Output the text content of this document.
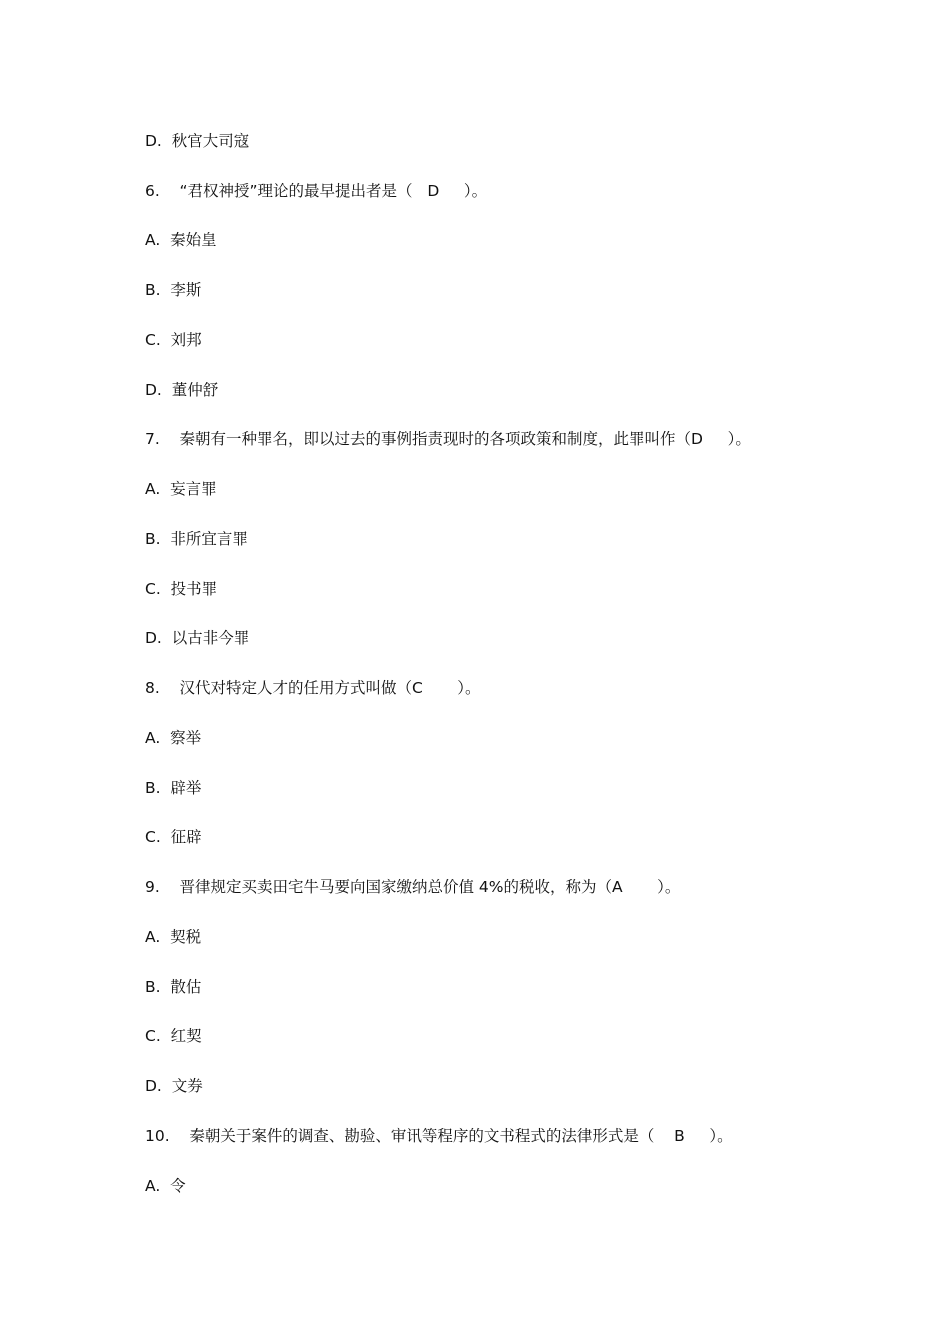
D.  秋官大司寇
6.    “君权神授”理论的最早提出者是（   D     ）。
A.  秦始皇
B.  李斯
C.  刘邦
D.  董仲舒
7.    秦朝有一种罪名，即以过去的事例指责现时的各项政策和制度，此罪叫作（D     ）。
A.  妄言罪
B.  非所宜言罪
C.  投书罪
D.  以古非今罪
8.    汉代对特定人才的任用方式叫做（C       ）。
A.  察举
B.  辟举
C.  征辟
9.    晋律规定买卖田宅牛马要向国家缴纳总价值 4%的税收，称为（A       ）。
A.  契税
B.  散估
C.  红契
D.  文券
10.    秦朝关于案件的调查、勘验、审讯等程序的文书程式的法律形式是（    B     ）。
A.  令
